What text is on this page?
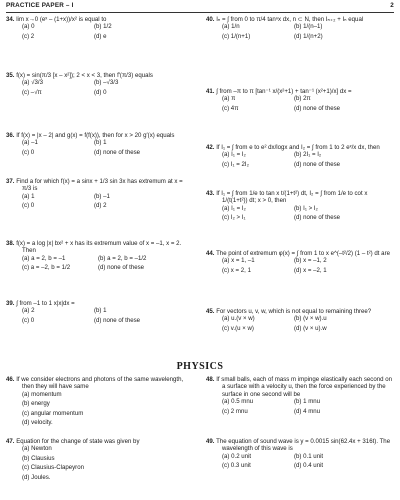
PRACTICE PAPER – I	2
34. lim x→0 (eˣ – (1+x))/x² is equal to
(a) 0	(b) 1/2
(c) 2	(d) e
35. f(x) = sin(π/3 [x – x²]); 2 < x < 3, then f′(π/3) equals
(a) √3/3	(b) –√3/3
(c) –√π	(d) 0
36. If f(x) = |x – 2| and g(x) = f(f(x)), then for x > 20 g′(x) equals
(a) –1	(b) 1
(c) 0	(d) none of these
37. Find a for which f(x) = a sinx + 1/3 sin 3x has extremum at x = π/3 is
(a) 1	(b) –1
(c) 0	(d) 2
38. f(x) = a log |x| bx² + x has its extremum value of x = –1, x = 2. Then
(a) a = 2, b = –1	(b) a = 2, b = –1/2
(c) a = –2, b = 1/2	(d) none of these
39. ∫ from –1 to 1 x|x|dx =
(a) 2	(b) 1
(c) 0	(d) none of these
40. Iₙ = ∫ from 0 to π/4 tanⁿx dx, n ⊂ N, then Iₙ₊₂ + Iₙ equal
(a) 1/n	(b) 1/(n–1)
(c) 1/(n+1)	(d) 1/(n+2)
41. ∫ from –π to π [tan⁻¹ x/(x²+1) + tan⁻¹ (x²+1)/x] dx =
(a) π	(b) 2π
(c) 4π	(d) none of these
42. If I₁ = ∫ from e to e² dx/logx and I₂ = ∫ from 1 to 2 eˣ/x dx, then
(a) I₁ = I₂	(b) 2I₁ = I₂
(c) I₁ = 2I₂	(d) none of these
43. If I₁ = ∫ from 1/e to tan x t/(1+t²) dt, I₂ = ∫ from 1/e to cot x 1/(t(1+t²)) dt; x > 0, then
(a) I₁ = I₂	(b) I₁ > I₂
(c) I₂ > I₁	(d) none of these
44. The point of extremum φ(x) = ∫ from 1 to x e^(–t²/2) (1 – t²) dt are
(a) x = 1, –1	(b) x = –1, 2
(c) x = 2, 1	(d) x = –2, 1
45. For vectors u, v, w, which is not equal to remaining three?
(a) u.(v × w)	(b) (v × w).u
(c) v.(u × w)	(d) (v × u).w
PHYSICS
46. If we consider electrons and photons of the same wavelength, then they will have same
(a) momentum
(b) energy
(c) angular momentum
(d) velocity.
47. Equation for the change of state was given by
(a) Newton
(b) Clausius
(c) Clausius-Clapeyron
(d) Joules.
48. If small balls, each of mass m impinge elastically each second on a surface with a velocity u, then the force experienced by the surface in one second will be
(a) 0.5 mnu	(b) 1 mnu
(c) 2 mnu	(d) 4 mnu
49. The equation of sound wave is y = 0.0015 sin(62.4x + 316t). The wavelength of this wave is
(a) 0.2 unit	(b) 0.1 unit
(c) 0.3 unit	(d) 0.4 unit
